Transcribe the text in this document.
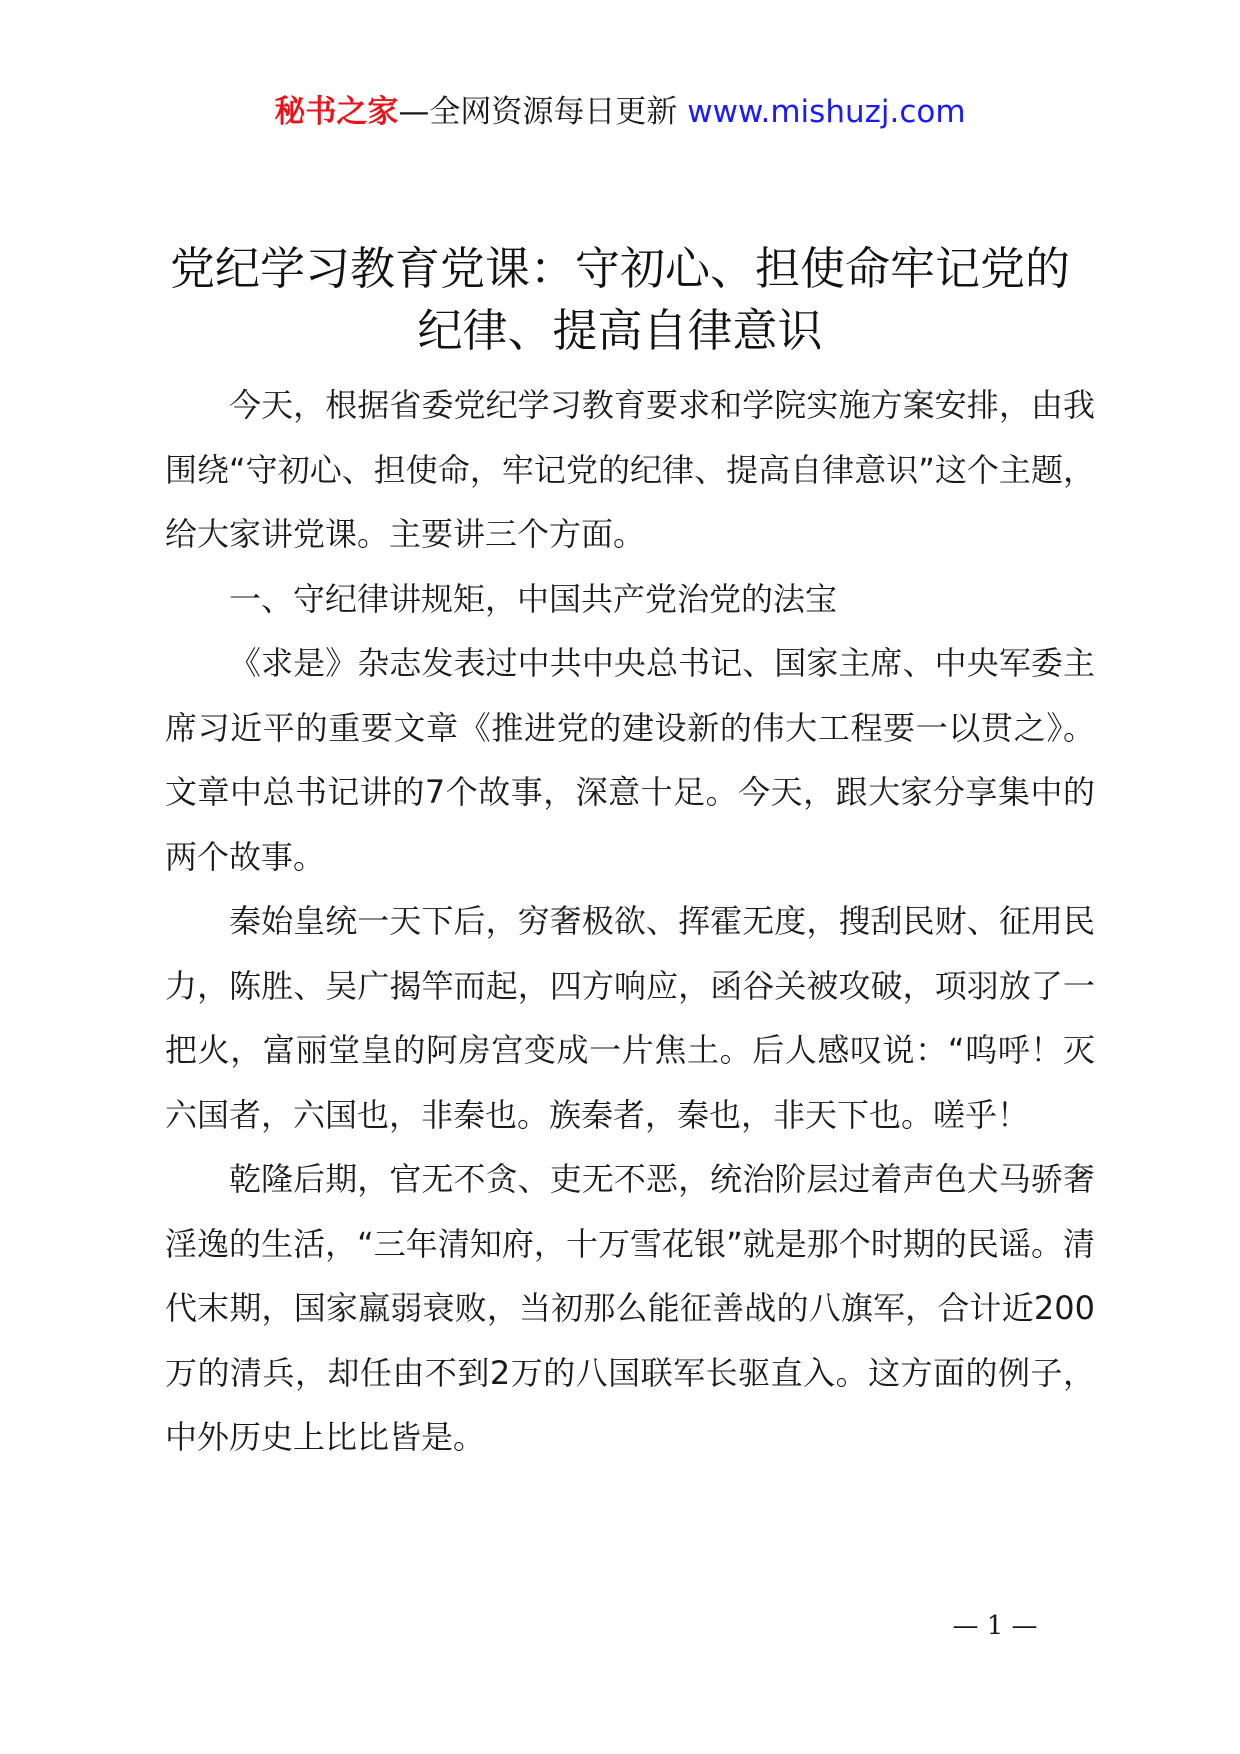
秘书之家—全网资源每日更新 www.mishuzj.com
党纪学习教育党课：守初心、担使命牢记党的
纪律、提高自律意识

今天，根据省委党纪学习教育要求和学院实施方案安排，由我围绕“守初心、担使命，牢记党的纪律、提高自律意识”这个主题，给大家讲党课。主要讲三个方面。

一、守纪律讲规矩，中国共产党治党的法宝

《求是》杂志发表过中共中央总书记、国家主席、中央军委主席习近平的重要文章《推进党的建设新的伟大工程要一以贯之》。文章中总书记讲的7个故事，深意十足。今天，跟大家分享集中的两个故事。

秦始皇统一天下后，穷奢极欲、挥霍无度，搜刮民财、征用民力，陈胜、吴广揭竿而起，四方响应，函谷关被攻破，项羽放了一把火，富丽堂皇的阿房宫变成一片焦土。后人感叹说：“呜呼！灭六国者，六国也，非秦也。族秦者，秦也，非天下也。嗟乎！

乾隆后期，官无不贪、吏无不恶，统治阶层过着声色犬马骄奢淫逸的生活，“三年清知府，十万雪花银”就是那个时期的民谣。清代末期，国家羸弱衰败，当初那么能征善战的八旗军，合计近200万的清兵，却任由不到2万的八国联军长驱直入。这方面的例子，中外历史上比比皆是。

— 1 —
